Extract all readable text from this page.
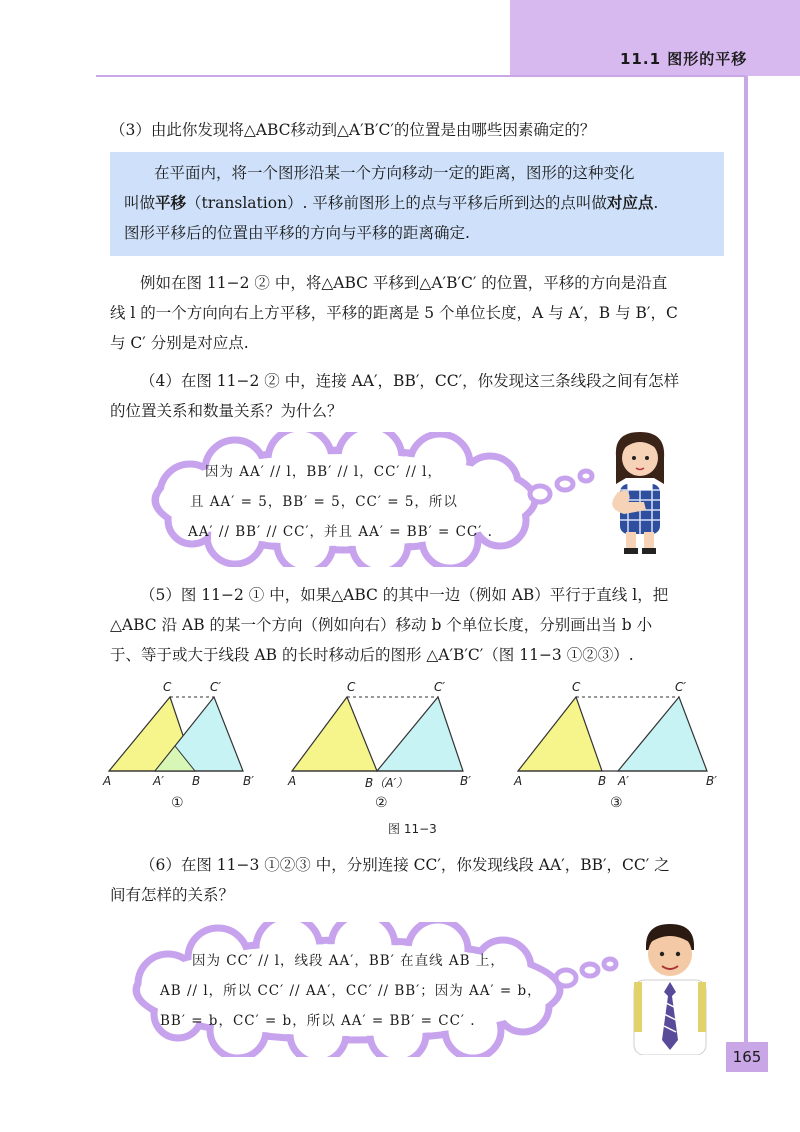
11.1 图形的平移
（3）由此你发现将△ABC移动到△A′B′C′的位置是由哪些因素确定的？
在平面内，将一个图形沿某一个方向移动一定的距离，图形的这种变化
叫做平移（translation）. 平移前图形上的点与平移后所到达的点叫做对应点.
图形平移后的位置由平移的方向与平移的距离确定.
例如在图 11−2 ② 中，将△ABC 平移到△A′B′C′ 的位置，平移的方向是沿直
线 l 的一个方向向右上方平移，平移的距离是 5 个单位长度，A 与 A′，B 与 B′，C
与 C′ 分别是对应点.
（4）在图 11−2 ② 中，连接 AA′，BB′，CC′，你发现这三条线段之间有怎样
的位置关系和数量关系？为什么？
因为 AA′ // l，BB′ // l，CC′ // l，
且 AA′ = 5，BB′ = 5，CC′ = 5，所以
AA′ // BB′ // CC′，并且 AA′ = BB′ = CC′ .
（5）图 11−2 ① 中，如果△ABC 的其中一边（例如 AB）平行于直线 l，把
△ABC 沿 AB 的某一个方向（例如向右）移动 b 个单位长度，分别画出当 b 小
于、等于或大于线段 AB 的长时移动后的图形 △A′B′C′（图 11−3 ①②③）.
C	C′
A	A′ B	B′
①
C	C′
A	B（A′）	B′
②
C	C′
A	B A′	B′
③
图 11−3
（6）在图 11−3 ①②③ 中，分别连接 CC′，你发现线段 AA′，BB′，CC′ 之
间有怎样的关系？
因为 CC′ // l，线段 AA′，BB′ 在直线 AB 上，
AB // l，所以 CC′ // AA′，CC′ // BB′；因为 AA′ = b，
BB′ = b，CC′ = b，所以 AA′ = BB′ = CC′ .
165
